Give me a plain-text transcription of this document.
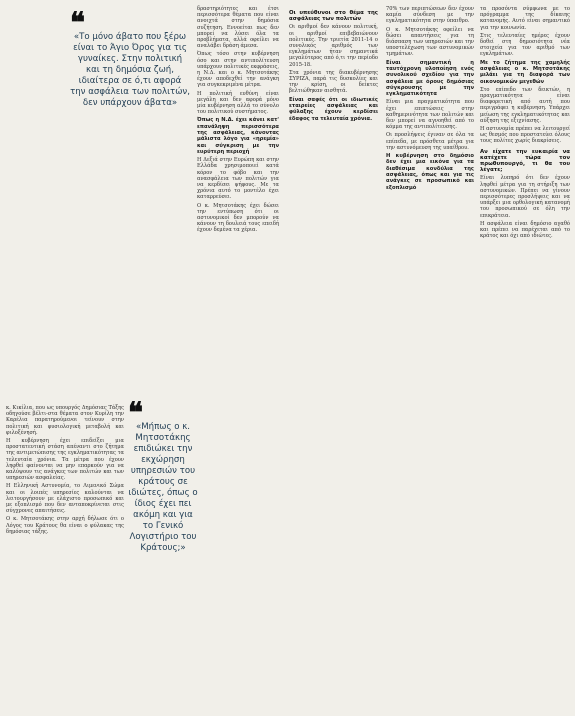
❝
«Το μόνο άβατο που ξέρω είναι το Άγιο Όρος για τις γυναίκες. Στην πολιτική και τη δημόσια ζωή, ιδιαίτερα σε ό,τι αφορά την ασφάλεια των πολιτών, δεν υπάρχουν άβατα»

κ. Κικίλια, που ως υπουργός Δημόσιας Τάξης οδηγούσε βέλτι-στα θέματα στον Κυρίλη την Καρέλια παρατηρούμενοι τείνουν στην πολιτική και φυσιολογική μεταβολή και φιλοξένησή.

Η κυβέρνηση έχει επιδείξει μια προστατευτική στάση απέναντι στο ζήτημα της αντιμετώπισης της εγκληματικότητας τα τελευταία χρόνια. Τα μέτρα που έχουν ληφθεί φαίνονται να μην επαρκούν για να καλύψουν τις ανάγκες των πολιτών και των υπηρεσιών ασφαλείας.

Η Ελληνική Αστυνομία, το Λιμενικό Σώμα και οι λοιπές υπηρεσίες καλούνται να λειτουργήσουν με ελάχιστο προσωπικό και με εξοπλισμό που δεν ανταποκρίνεται στις σύγχρονες απαιτήσεις.

Ο κ. Μητσοτάκης στην αρχή δήλωσε ότι ο Λόγος του Κράτους θα είναι ο φύλακας της δημόσιας τάξης.

❝
«Μήπως ο κ. Μητσοτάκης επιδιώκει την εκχώρηση υπηρεσιών του κράτους σε ιδιώτες, όπως ο ίδιος έχει πει ακόμη και για το Γενικό Λογιστήριο του Κράτους;»

δραστηριότητες και έτσι περισσότερα θέματα που είναι ανοιχτά στην δημόσια συζήτηση. Εννοείται πως δεν μπορεί να λύσει όλα τα προβλήματα, αλλά οφείλει να αναλάβει δράση άμεσα.

Όπως τόσο στην κυβέρνηση όσο και στην αντιπολίτευση υπάρχουν πολιτικές εκφράσεις, η Ν.Δ. και ο κ. Μητσοτάκης έχουν αποδεχθεί την ανάγκη για συγκεκριμένα μέτρα.

Η πολιτική ευθύνη είναι μεγάλη και δεν αφορά μόνο μία κυβέρνηση αλλά το σύνολο του πολιτικού συστήματος.

Όπως η Ν.Δ. έχει κάνει κατ' επανάληψη περισσότερα της ασφάλειας, κάνοντας μάλιστα λόγο για «ηρεμία» και σύγκριση με την ευρύτερη περιοχή

Η Δεξιά στην Ευρώπη και στην Ελλάδα χρησιμοποιεί κατά κόρον το φόβο και την ανασφάλεια των πολιτών για να κερδίσει ψήφους. Με τα χρόνια αυτό το μοντέλο έχει καταρρεύσει.

Ο κ. Μητσοτάκης έχει δώσει την εντύπωση ότι οι αστυνομικοί δεν μπορούν να κάνουν τη δουλειά τους επειδή έχουν δεμένα τα χέρια.

Οι υπεύθυνοι στο θέμα της ασφάλειας των πολιτών

Οι αριθμοί δεν κάνουν πολιτική, οι αριθμοί επιβεβαιώνουν πολιτικές. Την τριετία 2011-14 ο συνολικός αριθμός των εγκλημάτων ήταν σημαντικά μεγαλύτερος από ό,τι την περίοδο 2015-18.

Στα χρόνια της διακυβέρνησης ΣΥΡΙΖΑ, παρά τις δυσκολίες και την κρίση, οι δείκτες βελτιώθηκαν αισθητά.

Είναι σαφές ότι οι ιδιωτικές εταιρείες ασφάλειας και φύλαξης έχουν κερδίσει έδαφος τα τελευταία χρόνια.

70% των περιπτώσεων δεν έχουν καμία σύνδεση με την εγκληματικότητα στην ύπαιθρο.

Ο κ. Μητσοτάκης οφείλει να δώσει απαντήσεις για τη διάσπαση των υπηρεσιών και την υποστελέχωση των αστυνομικών τμημάτων.

Είναι σημαντική η ταυτόχρονη υλοποίηση ενός συνολικού σχεδίου για την ασφάλεια με όρους δημόσιας σύγκρουσης με την εγκληματικότητα

Είναι μια πραγματικότητα που έχει επιπτώσεις στην καθημερινότητα των πολιτών και δεν μπορεί να αγνοηθεί από το κόμμα της αντιπολίτευσης.

Οι προσλήψεις έγιναν σε όλα τα επίπεδα, με πρόσθετα μέτρα για την αστυνόμευση της υπαίθρου.

Η κυβέρνηση στο δημόσιο δεν έχει μια εικόνα για τα διαθέσιμα κονδύλια της ασφάλειας, όπως και για τις ανάγκες σε προσωπικό και εξοπλισμό

τα προσόντα σύμφωνα με το πρόγραμμα της δίκαιης κατανομής. Αυτό είναι σημαντικό για την κοινωνία.

Στις τελευταίες ημέρες έχουν δοθεί στη δημοσιότητα νέα στοιχεία για τον αριθμό των εγκλημάτων.

Με το ζήτημα της χαμηλής ασφάλειας ο κ. Μητσοτάκης μιλάει για τη διαφορά των οικονομικών μεγεθών

Στο επίπεδο των δεικτών, η πραγματικότητα είναι διαφορετική από αυτή που περιγράφει η κυβέρνηση. Υπάρχει μείωση της εγκληματικότητας και αύξηση της εξιχνίασης.

Η αστυνομία πρέπει να λειτουργεί ως θεσμός που προστατεύει όλους τους πολίτες χωρίς διακρίσεις.

Αν είχατε την ευκαιρία να κατέχετε τώρα τον πρωθυπουργό, τι θα του λέγατε;

Είναι λυπηρό ότι δεν έχουν ληφθεί μέτρα για τη στήριξη των αστυνομικών. Πρέπει να γίνουν περισσότερες προσλήψεις και να υπάρξει μια ορθολογική κατανομή του προσωπικού σε όλη την επικράτεια.

Η ασφάλεια είναι δημόσιο αγαθό και πρέπει να παρέχεται από το κράτος και όχι από ιδιώτες.
